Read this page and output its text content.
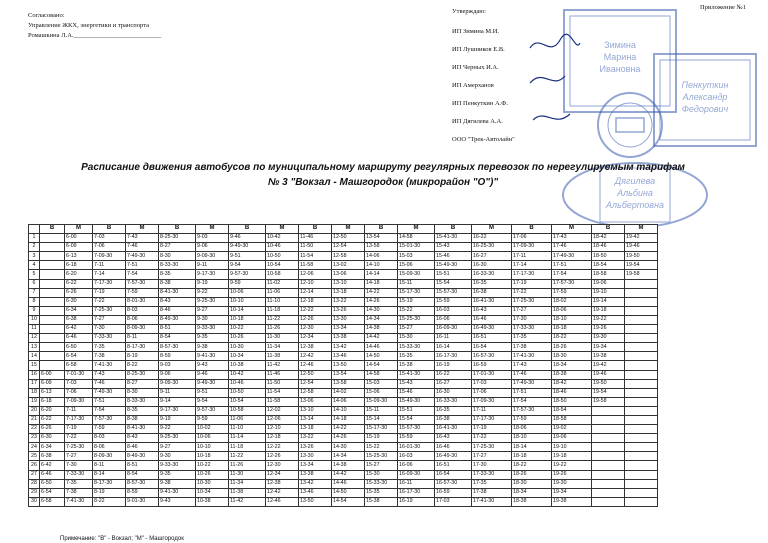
Приложение №1
Согласовано:
Управление ЖКХ, энергетики и транспорта
Ромашкина Л.А.___________________________
Утверждаю:
ИП Зимина М.И.
ИП Лушников Е.В.
ИП Черных И.А.
ИП Амерханов
ИП Пенкуткин А.Ф.
ИП Дягилева А.А.
ООО "Трек-Автолайн"
Зимина
Марина
Ивановна
Пенкуткин
Александр
Федорович
Дягилева
Альбина
Альбертовна
Расписание движения автобусов по муниципальному маршруту регулярных перевозок по нерегулируемым тарифам
№ 3 "Вокзал - Машгородок (микрорайон "О")"
	В	М	В	М	В	М	В	М	В	М	В	М	В	М	В	М	В	М
1		6-00	7-03	7-43	8-25-30	9-03	9-46	10-42	11-46	12-50	13-54	14-58	15-41-30	16-22	17-06	17-43	18-42	19-42
2		6-09	7-06	7-46	8-27	9-06	9-49-30	10-46	11-50	12-54	13-58	15-01-30	15-43	16-25-30	17-09-30	17-46	18-46	19-46
3		6-13	7-09-30	7-49-30	8-30	9-09-30	9-51	10-50	11-54	12-58	14-06	15-03	15-46	16-27	17-11	17-49-30	18-50	19-50
4		6-18	7-11	7-51	8-33-30	9-11	9-54	10-54	11-58	13-02	14-10	15-06	15-49-30	16-30	17-14	17-51	18-54	19-54
5		6-20	7-14	7-54	8-35	9-17-30	9-57-30	10-58	12-06	13-06	14-14	15-09-30	15-51	16-33-30	17-17-30	17-54	18-58	19-58
6		6-22	7-17-30	7-57-30	8-38	9-19	9-59	11-02	12-10	13-10	14-18	15-11	15-54	16-35	17-19	17-57-30	19-06	
7		6-26	7-19	7-59	8-41-30	9-22	10-06	11-06	12-14	13-18	14-22	15-17-30	15-57-30	16-38	17-22	17-59	19-10	
8		6-30	7-22	8-01-30	8-43	9-25-30	10-10	11-10	12-18	13-22	14-26	15-19	15-59	16-41-30	17-25-30	18-02	19-14	
9		6-34	7-25-30	8-03	8-46	9-27	10-14	11-18	12-22	13-26	14-30	15-22	16-03	16-43	17-27	18-06	19-18	
10		6-38	7-27	8-06	8-49-30	9-30	10-18	11-22	12-26	13-30	14-34	15-25-30	16-06	16-46	17-30	18-10	19-22	
11		6-42	7-30	8-09-30	8-51	9-33-30	10-22	11-26	12-30	13-34	14-38	15-27	16-09-30	16-49-30	17-33-30	18-18	19-26	
12		6-46	7-33-30	8-11	8-54	9-35	10-26	11-30	12-34	13-38	14-42	15-30	16-11	16-51	17-35	18-22	19-30	
13		6-50	7-35	8-17-30	8-57-30	9-38	10-30	11-34	12-38	13-42	14-46	15-33-30	16-14	16-54	17-38	18-26	19-34	
14		6-54	7-38	8-19	8-59	9-41-30	10-34	11-38	12-42	13-46	14-50	15-35	16-17-30	16-57-30	17-41-30	18-30	19-38	
15		6-58	7-41-30	8-22	9-03	9-43	10-38	11-42	12-46	13-50	14-54	15-38	16-19	16-59	17-43	18-34	19-42	
16	6-00	7-01-30	7-43	8-25-30	9-06	9-46	10-42	11-46	12-50	13-54	14-58	15-41-30	16-22	17-01-30	17-46	18-38	19-46	
17	6-09	7-03	7-46	8-27	9-09-30	9-49-30	10-46	11-50	12-54	13-58	15-03	15-43	16-27	17-03	17-49-30	18-42	19-50	
18	6-13	7-06	7-49-30	8-30	9-11	9-51	10-50	11-54	12-58	14-02	15-06	15-46	16-30	17-06	17-51	18-46	19-54	
19	6-18	7-09-30	7-51	8-33-30	9-14	9-54	10-54	11-58	13-06	14-06	15-09-30	15-49-30	16-33-30	17-09-30	17-54	18-50	19-58	
20	6-20	7-11	7-54	8-35	9-17-30	9-57-30	10-58	12-02	13-10	14-10	15-11	15-51	16-35	17-11	17-57-30	18-54		
21	6-22	7-17-30	7-57-30	8-38	9-19	9-59	11-06	12-06	13-14	14-18	15-14	15-54	16-38	17-17-30	17-59	18-58		
22	6-26	7-19	7-59	8-41-30	9-22	10-02	11-10	12-10	13-18	14-22	15-17-30	15-57-30	16-41-30	17-19	18-06	19-02		
23	6-30	7-22	8-03	8-43	9-25-30	10-06	11-14	12-18	13-22	14-26	15-19	15-59	16-43	17-22	18-10	19-06		
24	6-34	7-25-30	8-06	8-46	9-27	10-10	11-18	12-22	13-26	14-30	15-22	16-01-30	16-46	17-25-30	18-14	19-10		
25	6-38	7-27	8-09-30	8-49-30	9-30	10-18	11-22	12-26	13-30	14-34	15-25-30	16-03	16-49-30	17-27	18-18	19-18		
26	6-42	7-30	8-11	8-51	9-33-30	10-22	11-26	12-30	13-34	14-38	15-27	16-06	16-51	17-30	18-22	19-22		
27	6-46	7-33-30	8-14	8-54	9-35	10-26	11-30	12-34	13-38	14-42	15-30	16-09-30	16-54	17-33-30	18-26	19-26		
28	6-50	7-35	8-17-30	8-57-30	9-38	10-30	11-34	12-38	13-42	14-46	15-33-30	16-11	16-57-30	17-35	18-30	19-30		
29	6-54	7-38	8-19	8-59	9-41-30	10-34	11-38	12-42	13-46	14-50	15-35	16-17-30	16-59	17-38	18-34	19-34		
30	6-58	7-41-30	8-22	9-01-30	9-43	10-38	11-42	12-46	13-50	14-54	15-38	16-19	17-03	17-41-30	18-38	19-38		
Примечание: "В" - Вокзал; "М" - Машгородок
